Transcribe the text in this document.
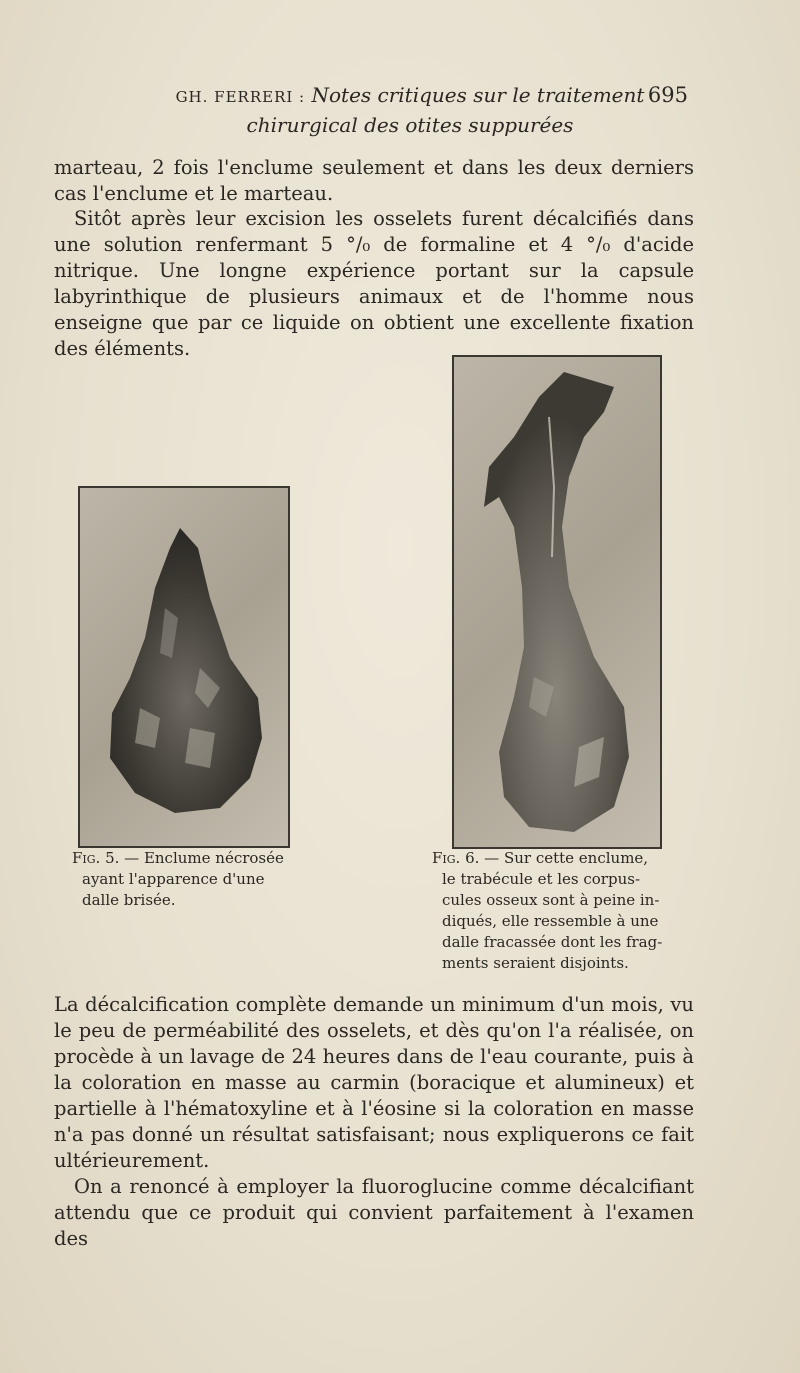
GH. FERRERI : Notes critiques sur le traitement
chirurgical des otites suppurées
695

marteau, 2 fois l'enclume seulement et dans les deux derniers cas l'enclume et le marteau.

Sitôt après leur excision les osselets furent décalcifiés dans une solution renfermant 5 °/₀ de formaline et 4 °/₀ d'acide nitrique. Une longne expérience portant sur la capsule labyrinthique de plusieurs animaux et de l'homme nous enseigne que par ce liquide on obtient une excellente fixation des éléments.

Fig. 5. — Enclume nécrosée
ayant l'apparence d'une
dalle brisée.
Fig. 6. — Sur cette enclume,
le trabécule et les corpus-
cules osseux sont à peine in-
diqués, elle ressemble à une
dalle fracassée dont les frag-
ments seraient disjoints.

La décalcification complète demande un minimum d'un mois, vu le peu de perméabilité des osselets, et dès qu'on l'a réalisée, on procède à un lavage de 24 heures dans de l'eau courante, puis à la coloration en masse au carmin (boracique et alumineux) et partielle à l'hématoxyline et à l'éosine si la coloration en masse n'a pas donné un résultat satisfaisant; nous expliquerons ce fait ultérieurement.

On a renoncé à employer la fluoroglucine comme décalcifiant attendu que ce produit qui convient parfaitement à l'examen des
